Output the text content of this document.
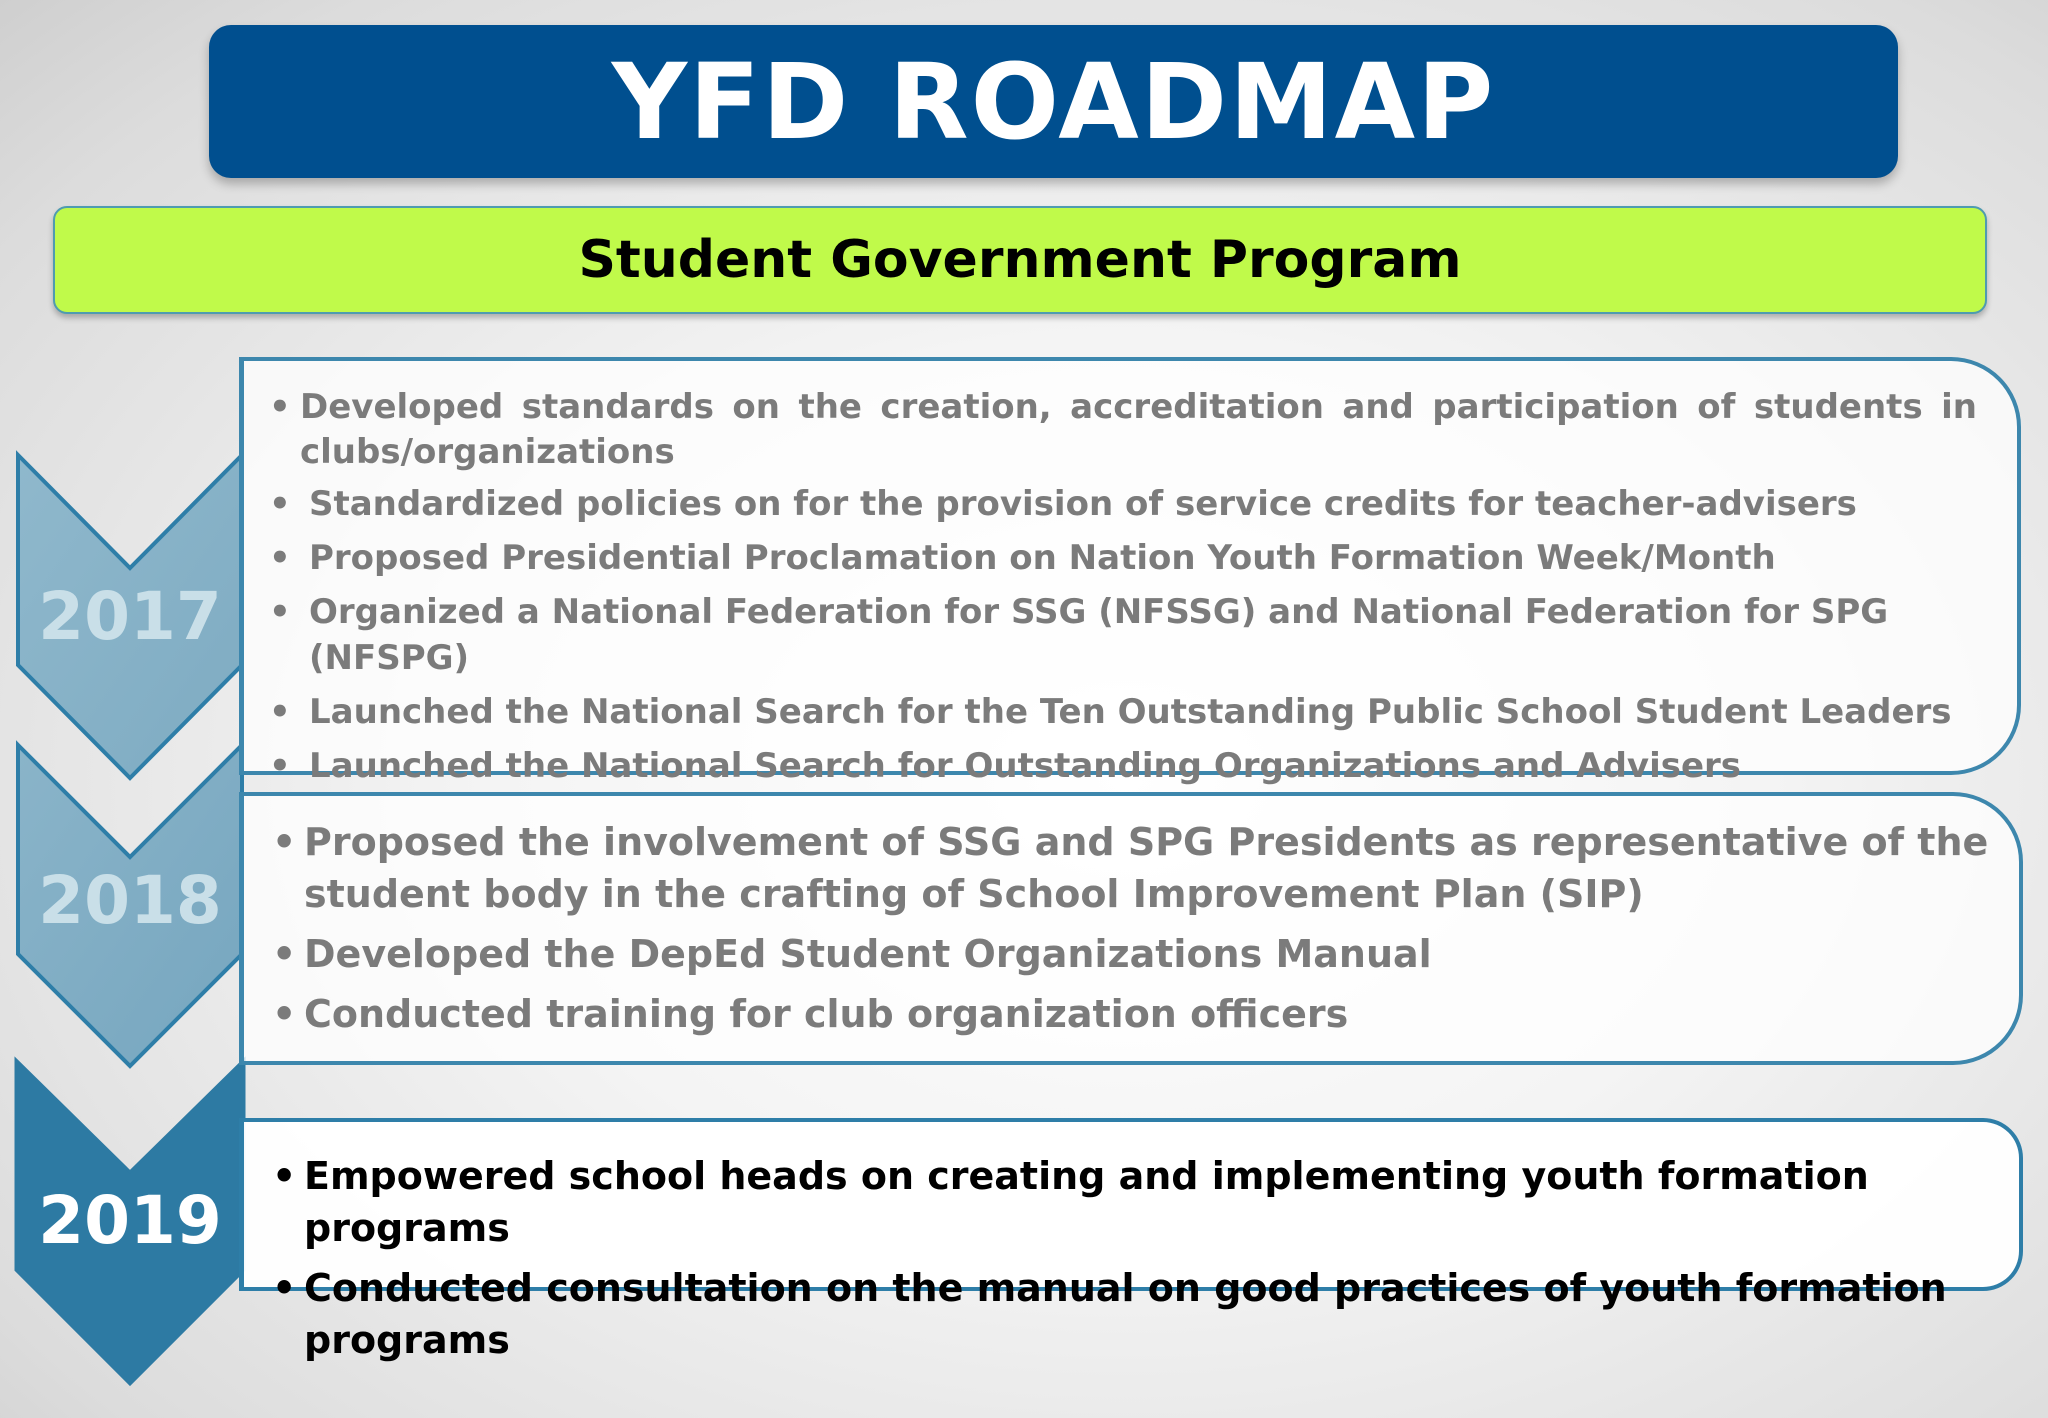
YFD ROADMAP
Student Government Program
2017
2018
2019
• Developed standards on the creation, accreditation and participation of students in clubs/organizations
• Standardized policies on for the provision of service credits for teacher-advisers
• Proposed Presidential Proclamation on Nation Youth Formation Week/Month
• Organized a National Federation for SSG (NFSSG) and National Federation for SPG (NFSPG)
• Launched the National Search for the Ten Outstanding Public School Student Leaders
• Launched the National Search for Outstanding Organizations and Advisers
• Proposed the involvement of SSG and SPG Presidents as representative of the student body in the crafting of School Improvement Plan (SIP)
• Developed the DepEd Student Organizations Manual
• Conducted training for club organization officers
• Empowered school heads on creating and implementing youth formation programs
• Conducted consultation on the manual on good practices of youth formation programs
